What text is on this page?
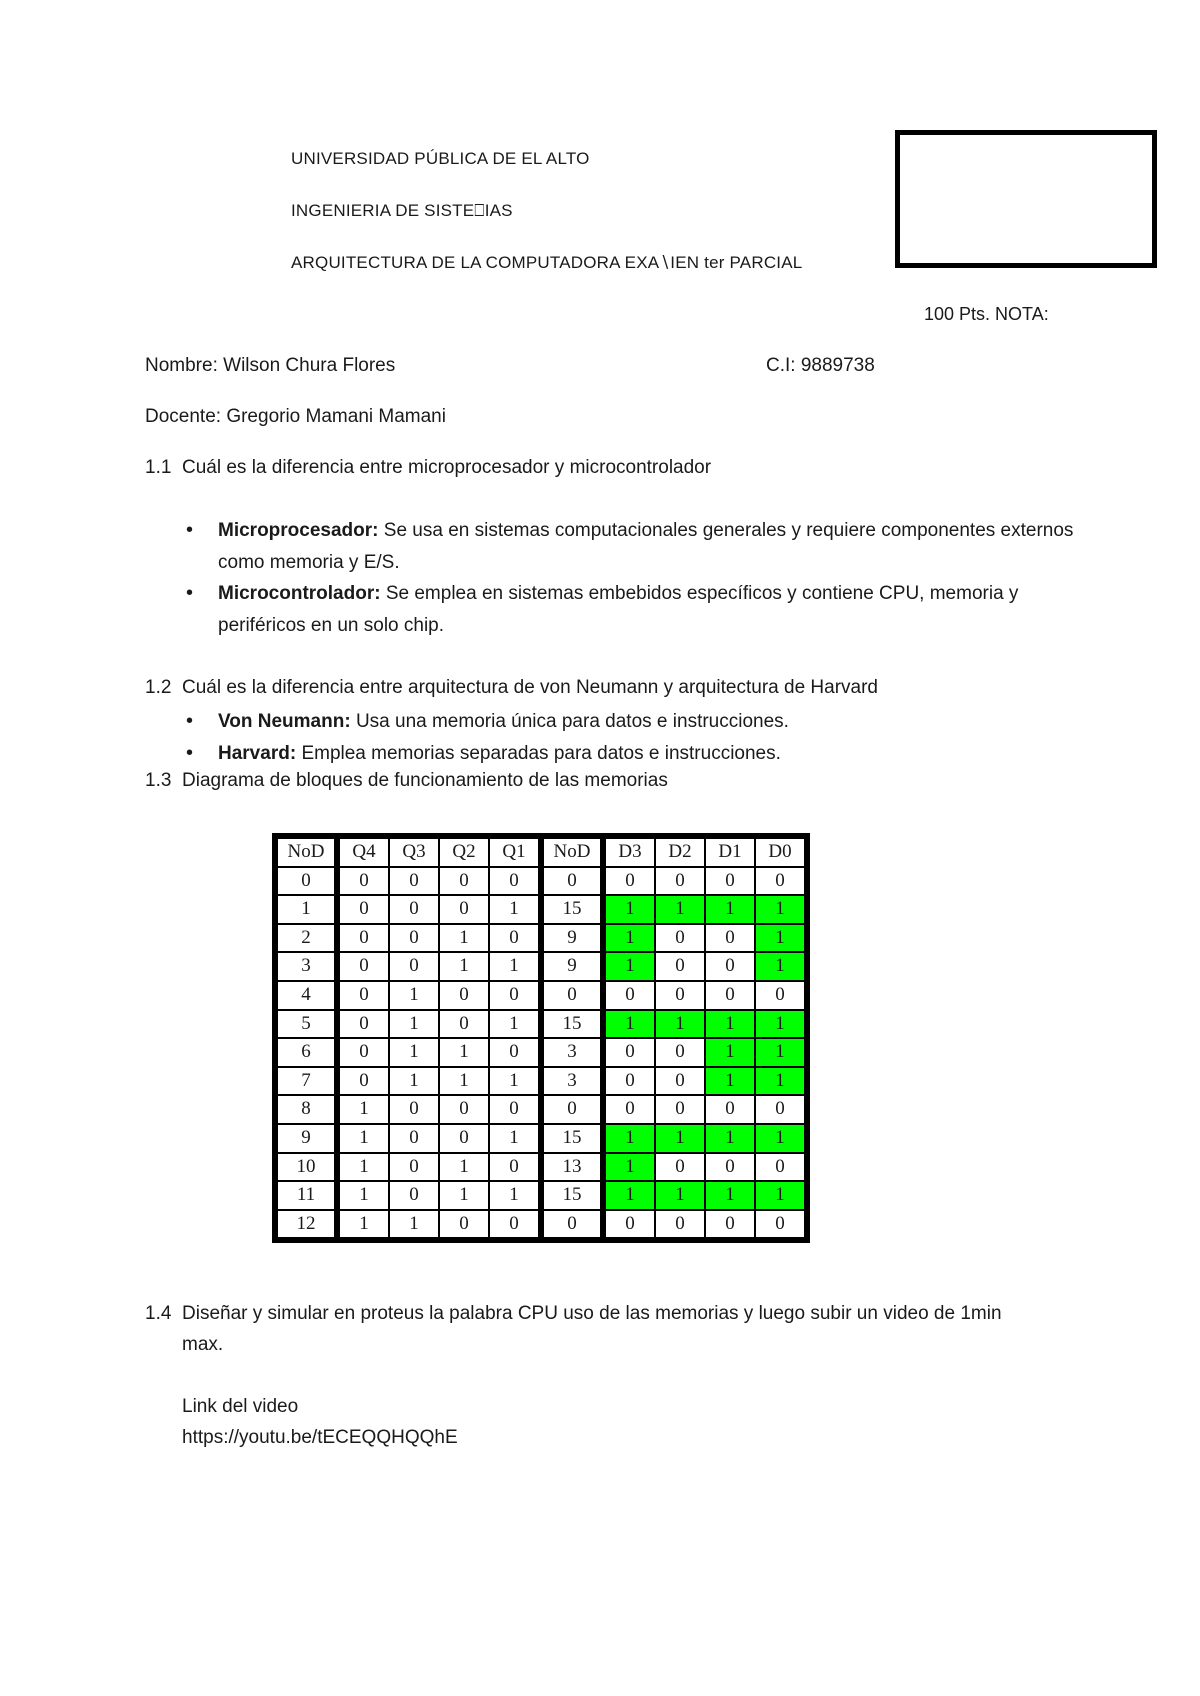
UNIVERSIDAD PÚBLICA DE EL ALTO
INGENIERIA DE SISTE⎕IAS
ARQUITECTURA DE LA COMPUTADORA EXA∖IEN ter PARCIAL
100 Pts. NOTA:
Nombre: Wilson Chura Flores	C.I: 9889738
Docente: Gregorio Mamani Mamani
1.1 Cuál es la diferencia entre microprocesador y microcontrolador
• Microprocesador: Se usa en sistemas computacionales generales y requiere componentes externos como memoria y E/S.
• Microcontrolador: Se emplea en sistemas embebidos específicos y contiene CPU, memoria y periféricos en un solo chip.
1.2 Cuál es la diferencia entre arquitectura de von Neumann y arquitectura de Harvard
• Von Neumann: Usa una memoria única para datos e instrucciones.
• Harvard: Emplea memorias separadas para datos e instrucciones.
1.3 Diagrama de bloques de funcionamiento de las memorias
NoD	Q4	Q3	Q2	Q1	NoD	D3	D2	D1	D0
0	0	0	0	0	0	0	0	0	0
1	0	0	0	1	15	1	1	1	1
2	0	0	1	0	9	1	0	0	1
3	0	0	1	1	9	1	0	0	1
4	0	1	0	0	0	0	0	0	0
5	0	1	0	1	15	1	1	1	1
6	0	1	1	0	3	0	0	1	1
7	0	1	1	1	3	0	0	1	1
8	1	0	0	0	0	0	0	0	0
9	1	0	0	1	15	1	1	1	1
10	1	0	1	0	13	1	0	0	0
11	1	0	1	1	15	1	1	1	1
12	1	1	0	0	0	0	0	0	0
1.4 Diseñar y simular en proteus la palabra CPU uso de las memorias y luego subir un video de 1min
max.
Link del video
https://youtu.be/tECEQQHQQhE
